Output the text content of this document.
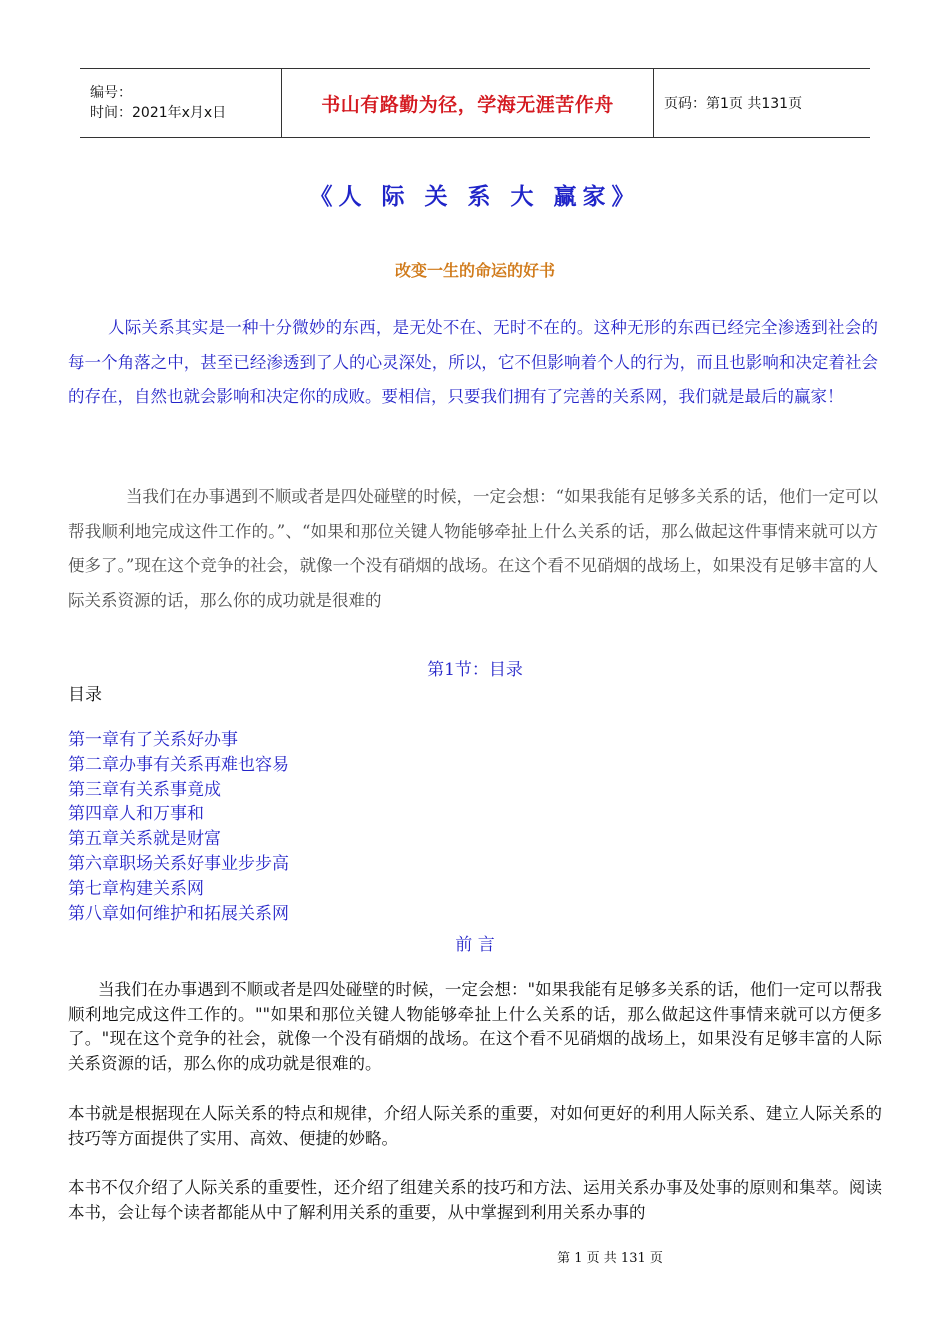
编号：
时间：2021年x月x日	书山有路勤为径，学海无涯苦作舟	页码：第1页 共131页
《人 际 关 系 大 赢家》
改变一生的命运的好书

人际关系其实是一种十分微妙的东西，是无处不在、无时不在的。这种无形的东西已经完全渗透到社会的每一个角落之中，甚至已经渗透到了人的心灵深处，所以，它不但影响着个人的行为，而且也影响和决定着社会的存在，自然也就会影响和决定你的成败。要相信，只要我们拥有了完善的关系网，我们就是最后的赢家！

当我们在办事遇到不顺或者是四处碰壁的时候，一定会想：“如果我能有足够多关系的话，他们一定可以帮我顺利地完成这件工作的。”、“如果和那位关键人物能够牵扯上什么关系的话，那么做起这件事情来就可以方便多了。”现在这个竞争的社会，就像一个没有硝烟的战场。在这个看不见硝烟的战场上，如果没有足够丰富的人际关系资源的话，那么你的成功就是很难的

第1节：目录
目录
第一章有了关系好办事
第二章办事有关系再难也容易
第三章有关系事竟成
第四章人和万事和
第五章关系就是财富
第六章职场关系好事业步步高
第七章构建关系网
第八章如何维护和拓展关系网
前 言

当我们在办事遇到不顺或者是四处碰壁的时候，一定会想："如果我能有足够多关系的话，他们一定可以帮我顺利地完成这件工作的。""如果和那位关键人物能够牵扯上什么关系的话，那么做起这件事情来就可以方便多了。"现在这个竞争的社会，就像一个没有硝烟的战场。在这个看不见硝烟的战场上，如果没有足够丰富的人际关系资源的话，那么你的成功就是很难的。

本书就是根据现在人际关系的特点和规律，介绍人际关系的重要，对如何更好的利用人际关系、建立人际关系的技巧等方面提供了实用、高效、便捷的妙略。

本书不仅介绍了人际关系的重要性，还介绍了组建关系的技巧和方法、运用关系办事及处事的原则和集萃。阅读本书，会让每个读者都能从中了解利用关系的重要，从中掌握到利用关系办事的

第 1 页 共 131 页
